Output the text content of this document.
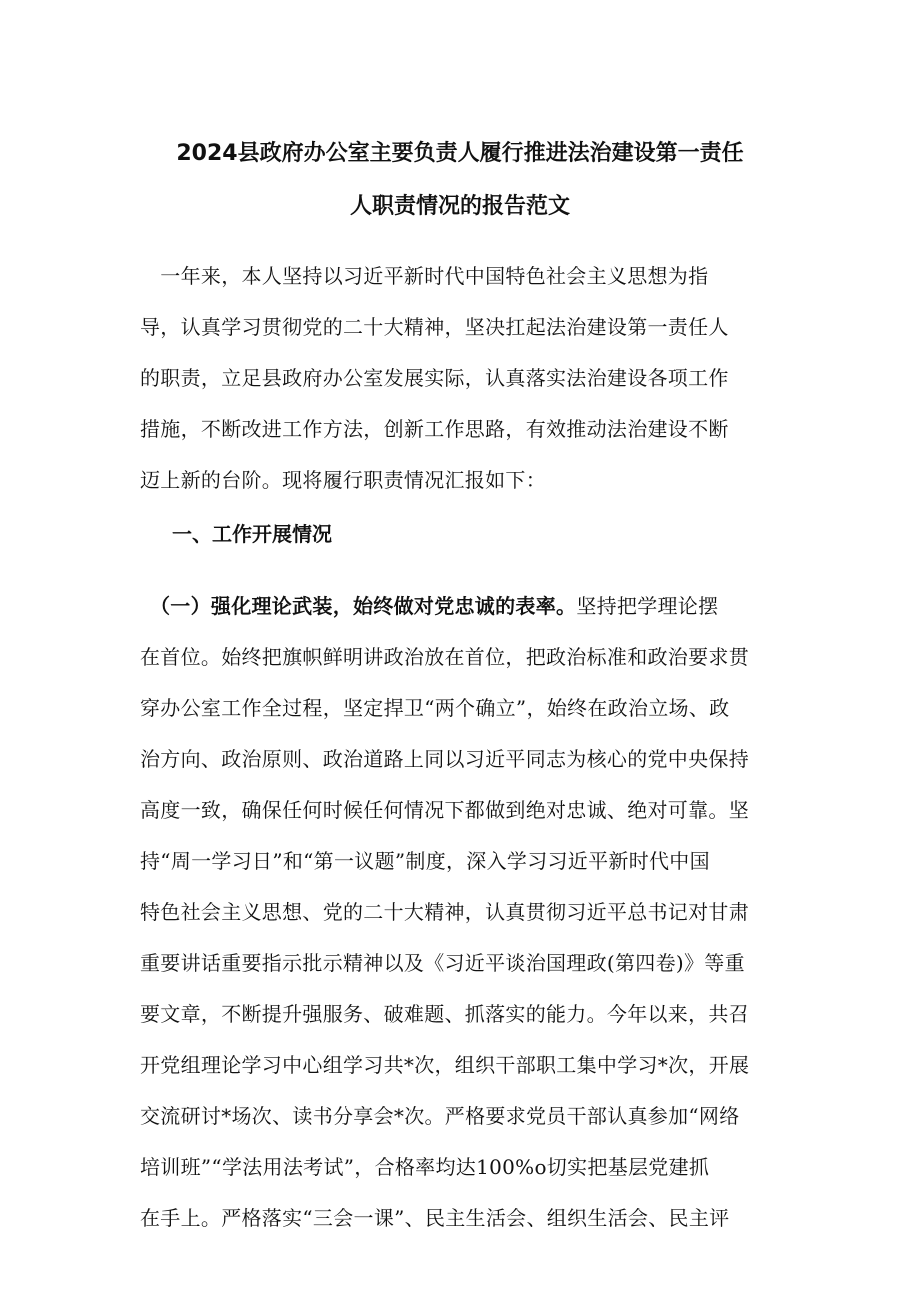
2024县政府办公室主要负责人履行推进法治建设第一责任
人职责情况的报告范文
　一年来，本人坚持以习近平新时代中国特色社会主义思想为指
导，认真学习贯彻党的二十大精神，坚决扛起法治建设第一责任人
的职责，立足县政府办公室发展实际，认真落实法治建设各项工作
措施，不断改进工作方法，创新工作思路，有效推动法治建设不断
迈上新的台阶。现将履行职责情况汇报如下：
一、工作开展情况
（一）强化理论武装，始终做对党忠诚的表率。坚持把学理论摆
在首位。始终把旗帜鲜明讲政治放在首位，把政治标准和政治要求贯
穿办公室工作全过程，坚定捍卫“两个确立”，始终在政治立场、政
治方向、政治原则、政治道路上同以习近平同志为核心的党中央保持
高度一致，确保任何时候任何情况下都做到绝对忠诚、绝对可靠。坚
持“周一学习日”和“第一议题”制度，深入学习习近平新时代中国
特色社会主义思想、党的二十大精神，认真贯彻习近平总书记对甘肃
重要讲话重要指示批示精神以及《习近平谈治国理政(第四卷)》等重
要文章，不断提升强服务、破难题、抓落实的能力。今年以来，共召
开党组理论学习中心组学习共*次，组织干部职工集中学习*次，开展
交流研讨*场次、读书分享会*次。严格要求党员干部认真参加“网络
培训班”“学法用法考试”，合格率均达100%o切实把基层党建抓
在手上。严格落实“三会一课”、民主生活会、组织生活会、民主评
